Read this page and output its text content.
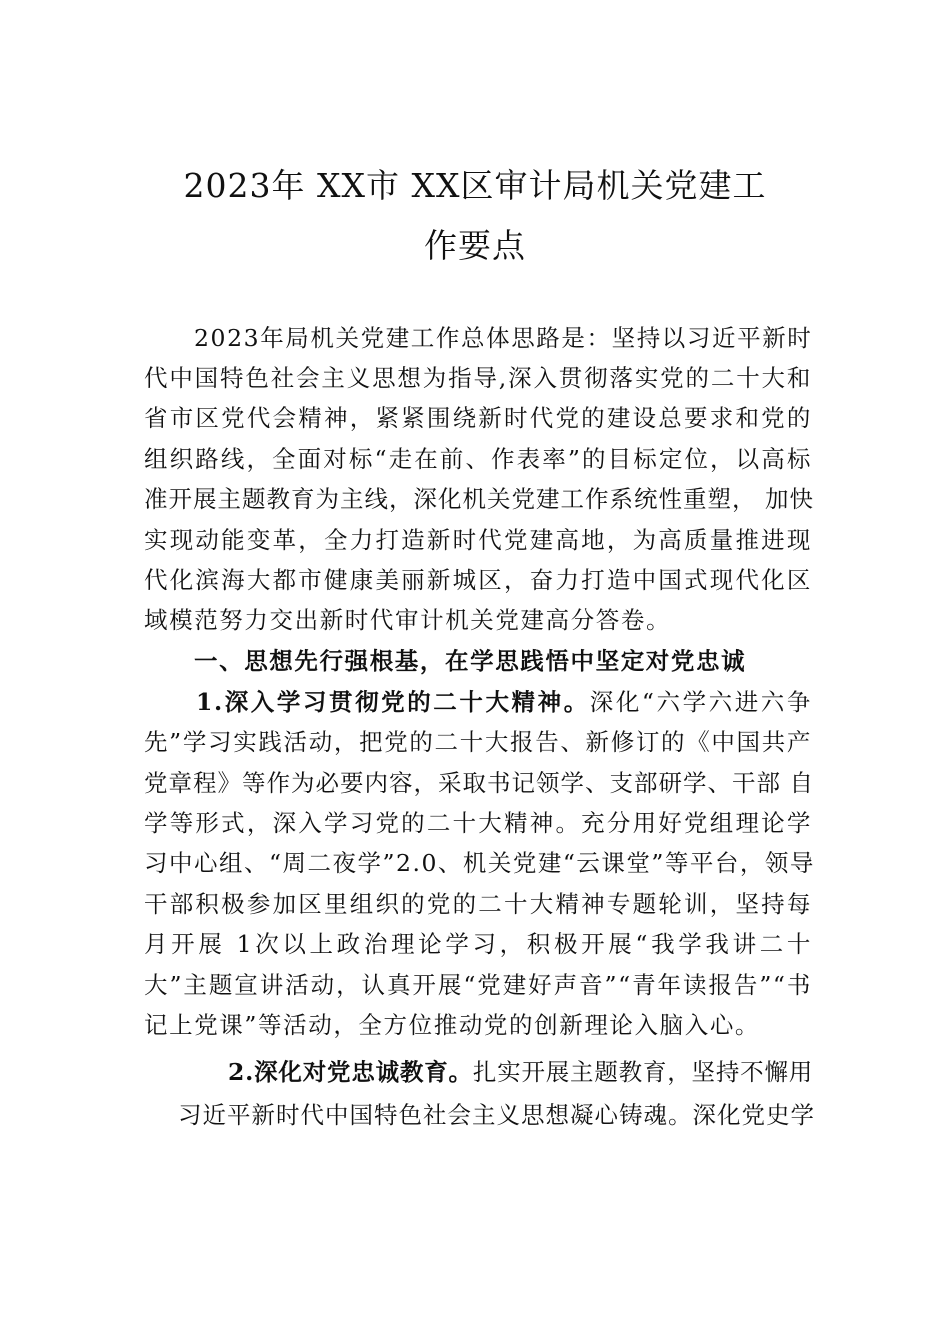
2023年 XX市 XX区审计局机关党建工
作要点
2023年局机关党建工作总体思路是：坚持以习近平新时
代中国特色社会主义思想为指导,深入贯彻落实党的二十大和
省市区党代会精神，紧紧围绕新时代党的建设总要求和党的
组织路线，全面对标“走在前、作表率”的目标定位，以高标
准开展主题教育为主线，深化机关党建工作系统性重塑， 加快
实现动能变革，全力打造新时代党建高地，为高质量推进现
代化滨海大都市健康美丽新城区，奋力打造中国式现代化区
域模范努力交出新时代审计机关党建高分答卷。
一、思想先行强根基，在学思践悟中坚定对党忠诚
1.深入学习贯彻党的二十大精神。深化“六学六进六争
先”学习实践活动，把党的二十大报告、新修订的《中国共产
党章程》等作为必要内容，采取书记领学、支部研学、干部 自
学等形式，深入学习党的二十大精神。充分用好党组理论学
习中心组、“周二夜学”2.0、机关党建“云课堂”等平台，领导
干部积极参加区里组织的党的二十大精神专题轮训，坚持每
月开展 1次以上政治理论学习，积极开展“我学我讲二十
大”主题宣讲活动，认真开展“党建好声音”“青年读报告”“书
记上党课”等活动，全方位推动党的创新理论入脑入心。
2.深化对党忠诚教育。扎实开展主题教育，坚持不懈用
习近平新时代中国特色社会主义思想凝心铸魂。深化党史学
